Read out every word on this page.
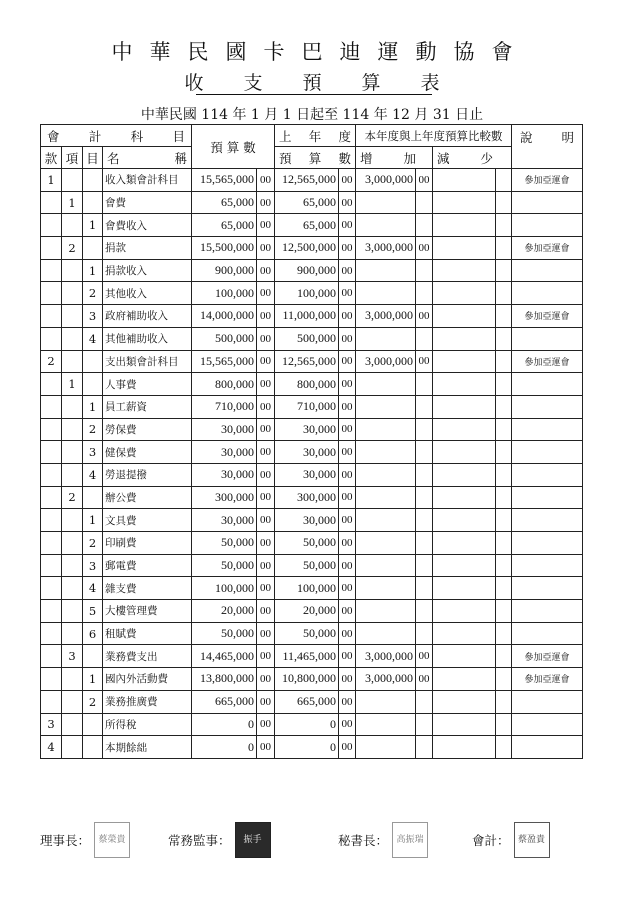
中華民國卡巴迪運動協會
收支預算表
中華民國 114 年 1 月 1 日起至 114 年 12 月 31 日止
會 計 科 目				預 算 數		上 年 度		本年度與上年度預算比較數				說 明

款	項	目	名 稱			預 算 數		增 加		減 少		

1			收入類會計科目	15,565,000	00	12,565,000	00	3,000,000	00			參加亞運會
	1		會費	65,000	00	65,000	00					
		1	會費收入	65,000	00	65,000	00					
	2		捐款	15,500,000	00	12,500,000	00	3,000,000	00			參加亞運會
		1	捐款收入	900,000	00	900,000	00					
		2	其他收入	100,000	00	100,000	00					
		3	政府補助收入	14,000,000	00	11,000,000	00	3,000,000	00			參加亞運會
		4	其他補助收入	500,000	00	500,000	00					
2			支出類會計科目	15,565,000	00	12,565,000	00	3,000,000	00			參加亞運會
	1		人事費	800,000	00	800,000	00					
		1	員工薪資	710,000	00	710,000	00					
		2	勞保費	30,000	00	30,000	00					
		3	健保費	30,000	00	30,000	00					
		4	勞退提撥	30,000	00	30,000	00					
	2		辦公費	300,000	00	300,000	00					
		1	文具費	30,000	00	30,000	00					
		2	印刷費	50,000	00	50,000	00					
		3	郵電費	50,000	00	50,000	00					
		4	雜支費	100,000	00	100,000	00					
		5	大樓管理費	20,000	00	20,000	00					
		6	租賦費	50,000	00	50,000	00					
	3		業務費支出	14,465,000	00	11,465,000	00	3,000,000	00			參加亞運會
		1	國內外活動費	13,800,000	00	10,800,000	00	3,000,000	00			參加亞運會
		2	業務推廣費	665,000	00	665,000	00					
3			所得稅	0	00	0	00					
4			本期餘絀	0	00	0	00					
理事長： 蔡榮貴	常務監事：	振手	秘書長： 高振瑞	會計： 蔡盈貴
